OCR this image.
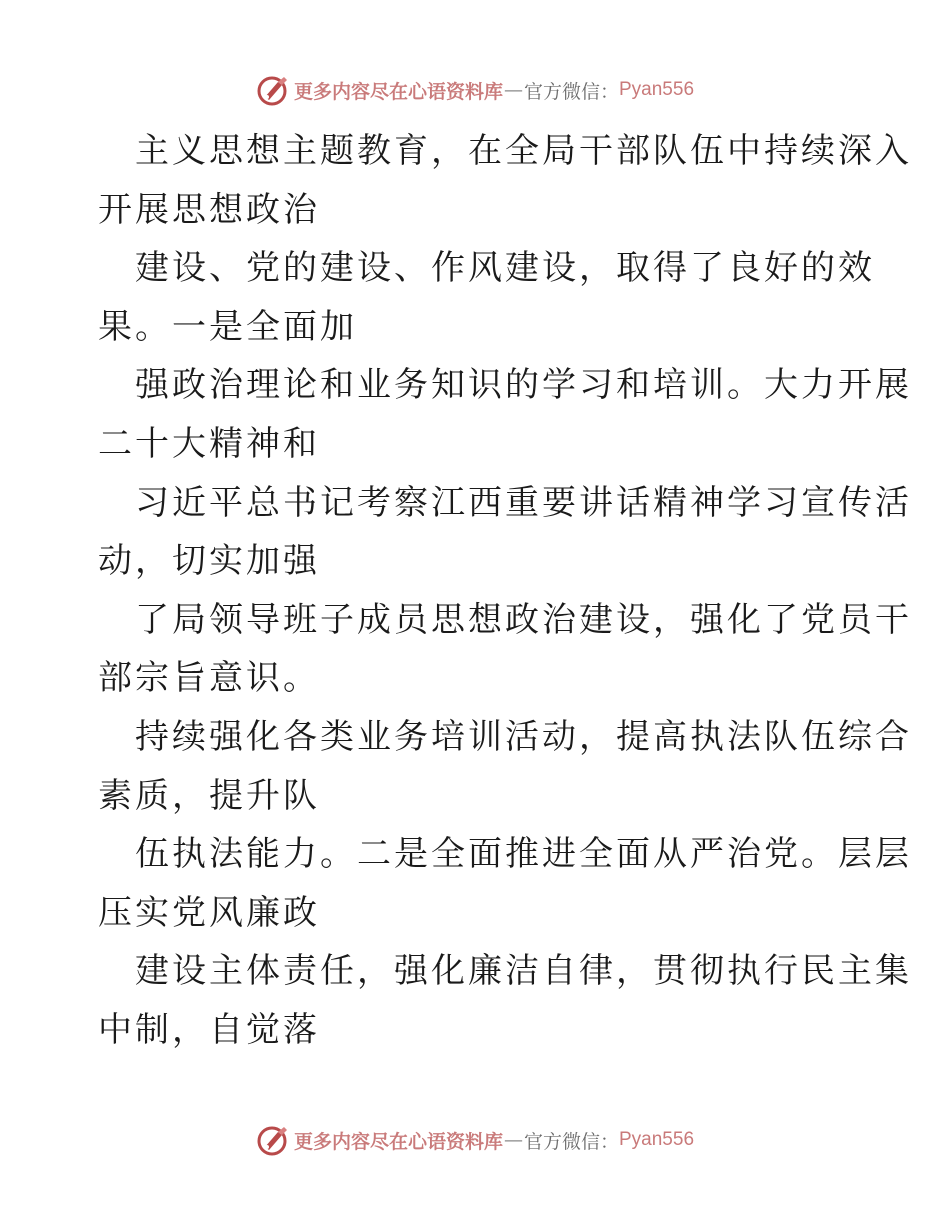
更多内容尽在心语资料库 — 官方微信： Pyan556
主义思想主题教育，在全局干部队伍中持续深入
开展思想政治
建设、党的建设、作风建设，取得了良好的效
果。一是全面加
强政治理论和业务知识的学习和培训。大力开展
二十大精神和
习近平总书记考察江西重要讲话精神学习宣传活
动，切实加强
了局领导班子成员思想政治建设，强化了党员干
部宗旨意识。
持续强化各类业务培训活动，提高执法队伍综合
素质，提升队
伍执法能力。二是全面推进全面从严治党。层层
压实党风廉政
建设主体责任，强化廉洁自律，贯彻执行民主集
中制，自觉落
更多内容尽在心语资料库 — 官方微信： Pyan556
